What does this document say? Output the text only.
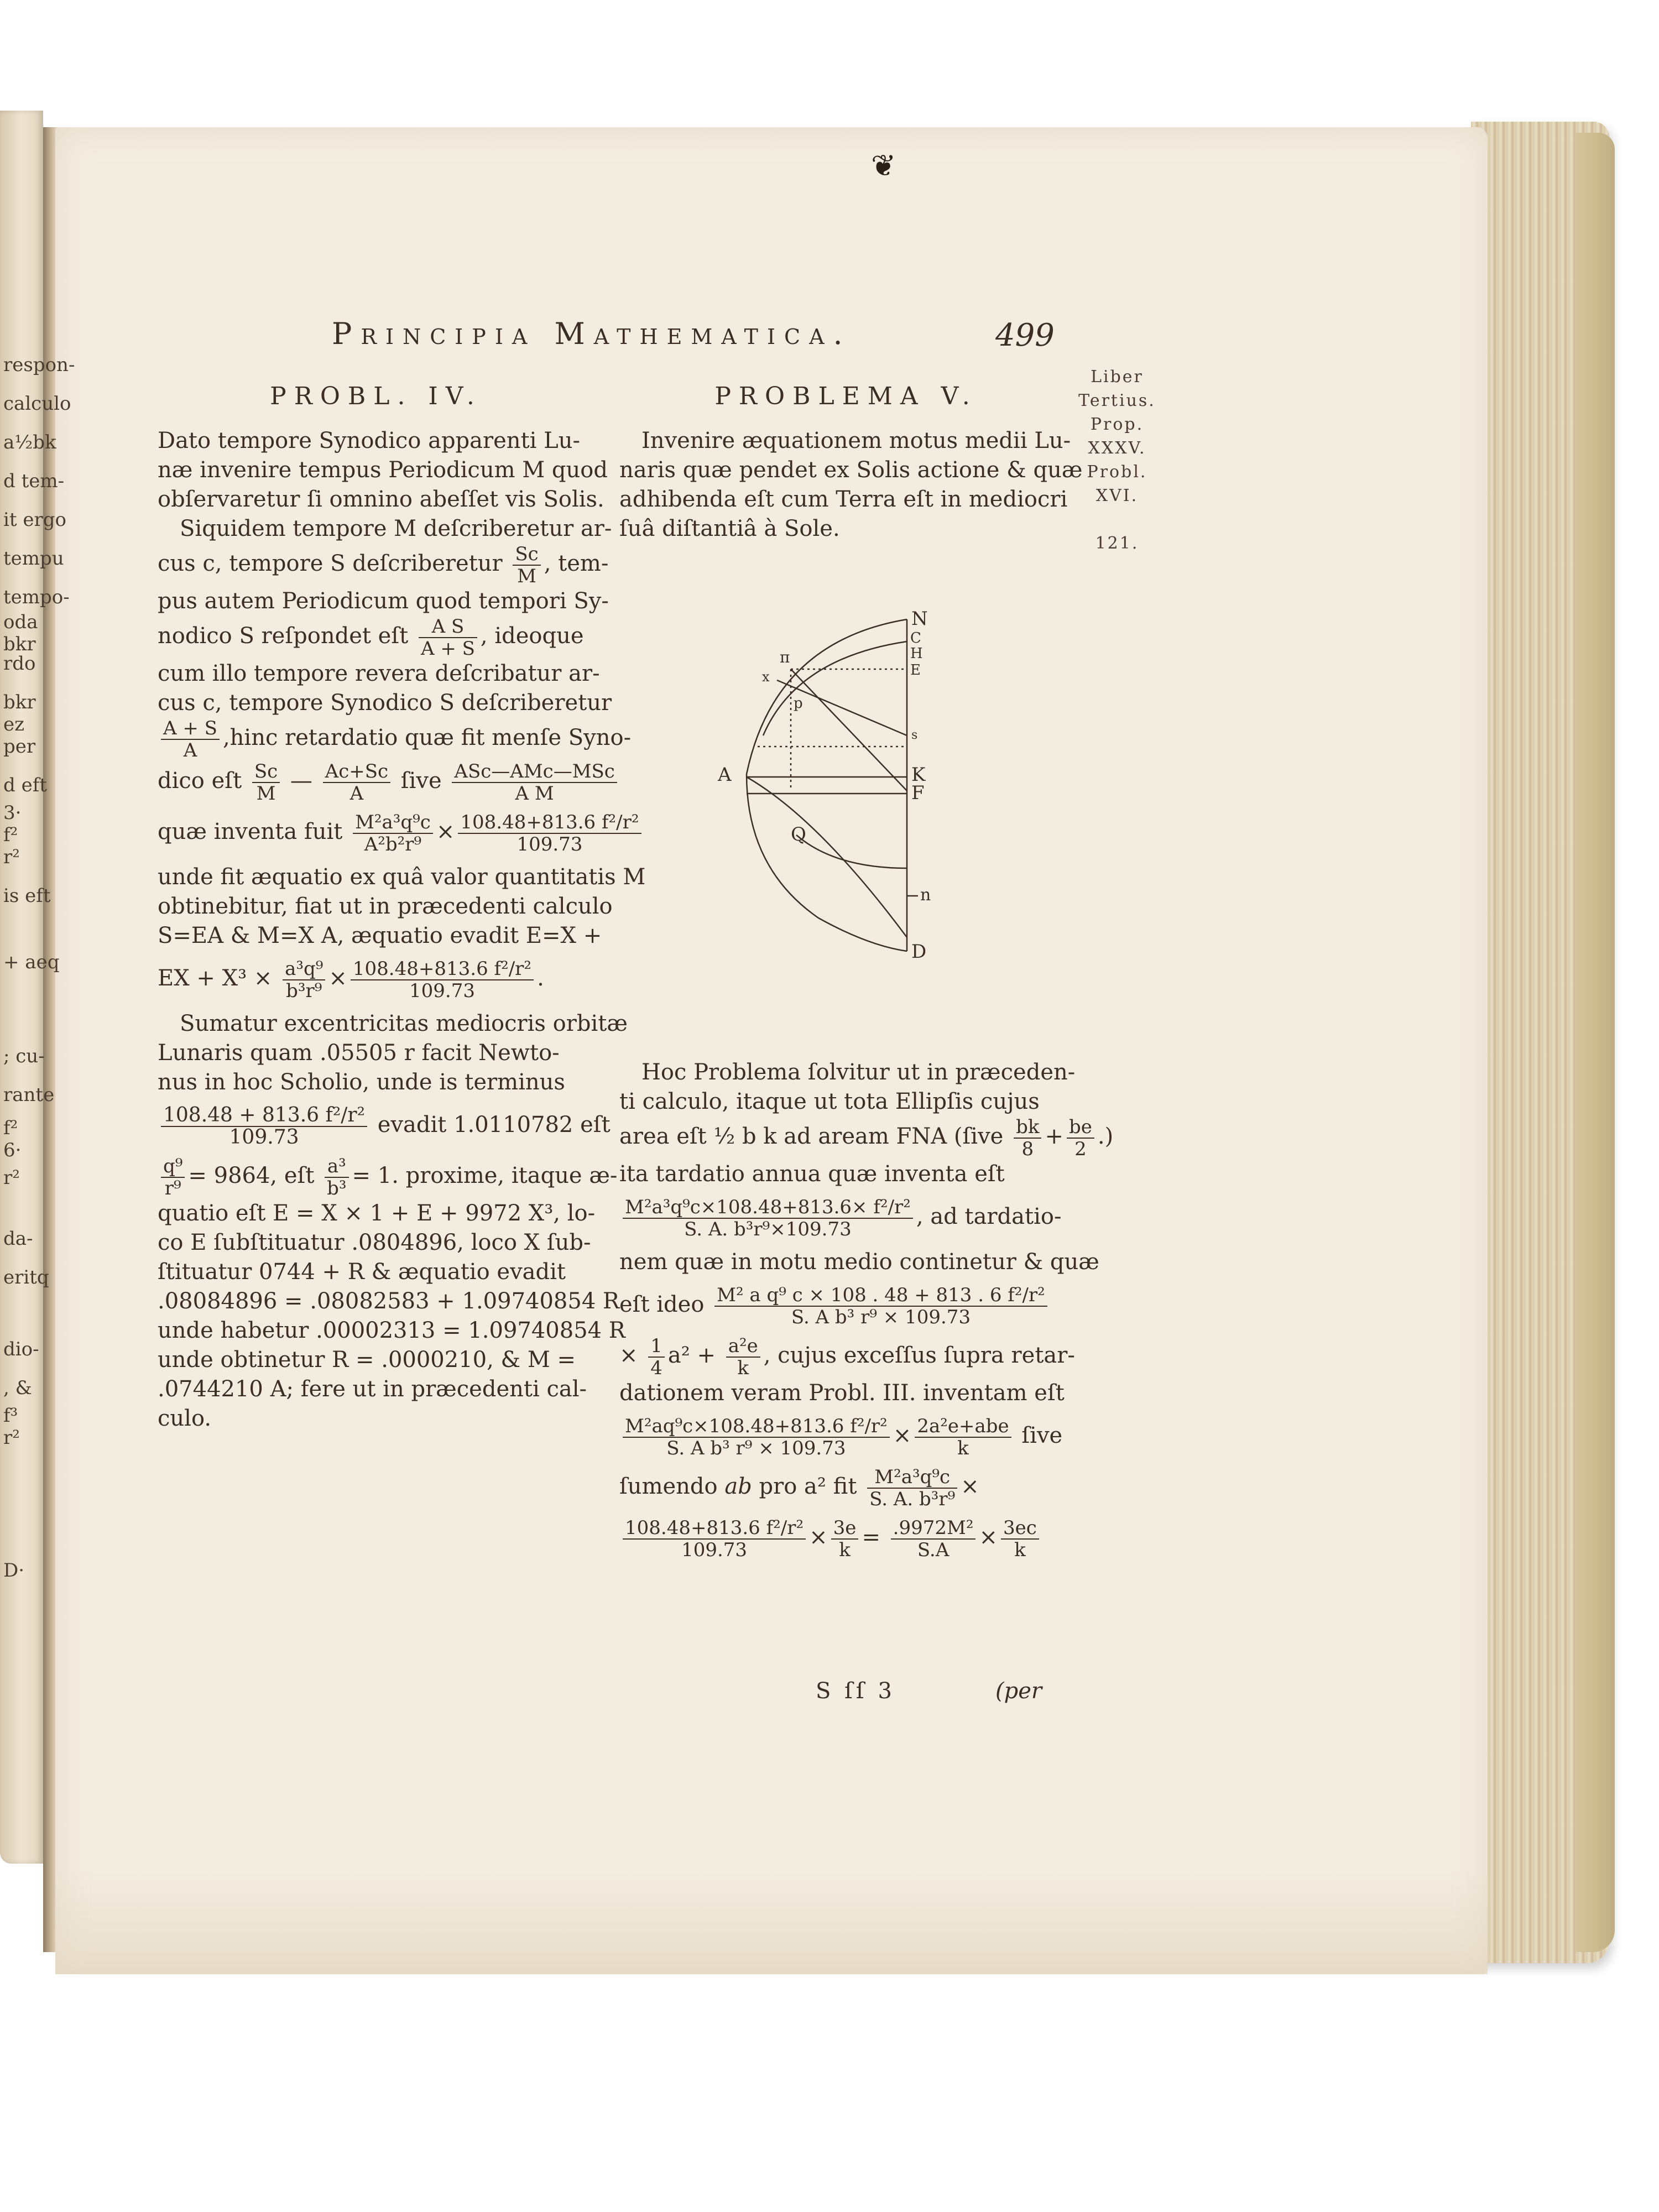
respon-
calculo
a½bk
d tem-
it ergo
tempu
tempo-
oda
bkr
rdo
bkr
ez
per
d eft
3·
f²
r²
is eft
+ aeq
; cu-
rante
f²
6·
r²
da-
eritq
dio-
, &
f³
r²
D·
❦
Principia Mathematica.	499
Liber
Tertius.
Prop.
XXXV.
Probl.
XVI.

121.
PROBL. IV.
Dato tempore Synodico apparenti Lu-
næ invenire tempus Periodicum M quod
obſervaretur ſi omnino abeſſet vis Solis.
Siquidem tempore M deſcriberetur ar-
cus c, tempore S deſcriberetur $\frac{Sc}{M}$ , tem-
pus autem Periodicum quod tempori Sy-
nodico S reſpondet eſt $\frac{\text{A S}}{A + S}$ , ideoque
cum illo tempore revera deſcribatur ar-
cus c, tempore Synodico S deſcriberetur
$\frac{A + S}{A}$ ,hinc retardatio quæ fit menſe Syno-
dico eſt $\frac{Sc}{M}$ — $\frac{Ac+Sc}{A}$ ſive $\frac{\text{ASc—AMc—MSc}}{\text{A M}}$
quæ inventa fuit $\frac{\text{M²a³q⁹c}}{\text{A²b²r⁹}} \times \frac{\text{108.48+813.6 f²/r²}}{109.73}$
unde fit æquatio ex quâ valor quantitatis M
obtinebitur, fiat ut in præcedenti calculo
S=EA & M=X A, æquatio evadit E=X +
EX + $X^3 \times \frac{\text{a³q⁹}}{\text{b³r⁹}} \times \frac{\text{108.48+813.6 f²/r²}}{109.73}$ .
Sumatur excentricitas mediocris orbitæ
Lunaris quam .05505 r facit Newto-
nus in hoc Scholio, unde is terminus
$\frac{\text{108.48 + 813.6 f²/r²}}{109.73}$ evadit 1.0110782 eſt
$\frac{\text{q⁹}}{\text{r⁹}} = 9864$, eſt $\frac{\text{a³}}{\text{b³}} = 1$. proxime, itaque æ-
quatio eſt E = X × 1 + E + 9972 X³, lo-
co E ſubſtituatur .0804896, loco X ſub-
ſtituatur 0744 + R & æquatio evadit
.08084896 = .08082583 + 1.09740854 R
unde habetur .00002313 = 1.09740854 R
unde obtinetur R = .0000210, & M =
.0744210 A; fere ut in præcedenti cal-
culo.
PROBLEMA V.
Invenire æquationem motus medii Lu-
naris quæ pendet ex Solis actione & quæ
adhibenda eſt cum Terra eſt in mediocri
ſuâ diſtantiâ à Sole.
Hoc Problema ſolvitur ut in præceden-
ti calculo, itaque ut tota Ellipſis cujus
area eſt ½ b k ad aream FNA (ſive $\frac{bk}{8} + \frac{be}{2}$
ita tardatio annua quæ inventa eſt
$\frac{\text{M²a³q⁹c×108.48+813.6× f²/r²}}{\text{S. A. b³r⁹×109.73}}$ , ad tardatio-
nem quæ in motu medio continetur & quæ
eſt ideo $\frac{\text{M² a q⁹ c × 108 . 48 + 813 . 6 f²/r²}}{\text{S. A b³ r⁹ × 109.73}}$
× $\frac{1}{4} a^2 + \frac{\text{a²e}}{k}$ , cujus exceſſus ſupra retar-
dationem veram Probl. III. inventam eſt
$\frac{\text{M²aq⁹c×108.48+813.6 f²/r²}}{\text{S. A b³ r⁹ × 109.73}} \times \frac{\text{2a²e+abe}}{k}$ ſive
ſumendo ab pro a² fit $\frac{\text{M²a³q⁹c}}{\text{S. A. b³r⁹}}$ ×
$\frac{\text{108.48+813.6 f²/r²}}{109.73} \times \frac{3e}{k} = \frac{\text{.9972M²}}{S.A} \times \frac{3ec}{k}$
N
C
H
E
π
x
p
s
A	K
F
Q
n
D
S ſſ 3	(per
